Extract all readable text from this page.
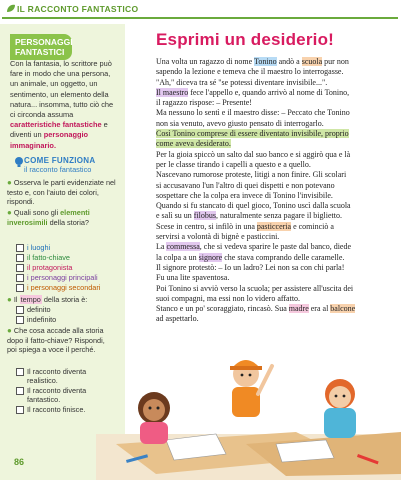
IL RACCONTO FANTASTICO
PERSONAGGI FANTASTICI

Con la fantasia, lo scrittore può fare in modo che una persona, un animale, un oggetto, un sentimento, un elemento della natura... insomma, tutto ciò che ci circonda assuma caratteristiche fantastiche e diventi un personaggio immaginario.

COME FUNZIONA
il racconto fantastico
● Osserva le parti evidenziate nel testo e, con l'aiuto dei colori, rispondi.
● Quali sono gli elementi inverosimili della storia?
i luoghi
il fatto-chiave
il protagonista
i personaggi principali
i personaggi secondari
● Il tempo della storia è:
definito
indefinito
● Che cosa accade alla storia dopo il fatto-chiave? Rispondi, poi spiega a voce il perché.
Il racconto diventa realistico.
Il racconto diventa fantastico.
Il racconto finisce.
86
Esprimi un desiderio!
Una volta un ragazzo di nome Tonino andò a scuola pur non
sapendo la lezione e temeva che il maestro lo interrogasse.
"Ah," diceva tra sé "se potessi diventare invisibile...".
Il maestro fece l'appello e, quando arrivò al nome di Tonino,
il ragazzo rispose: – Presente!
Ma nessuno lo sentì e il maestro disse: – Peccato che Tonino
non sia venuto, avevo giusto pensato di interrogarlo.
Così Tonino comprese di essere diventato invisibile, proprio
come aveva desiderato.
Per la gioia spiccò un salto dal suo banco e si aggirò qua e là
per le classe tirando i capelli a questo e a quello.
Nascevano rumorose proteste, litigi a non finire. Gli scolari
si accusavano l'un l'altro di quei dispetti e non potevano
sospettare che la colpa era invece di Tonino l'invisibile.
Quando si fu stancato di quel gioco, Tonino uscì dalla scuola
e salì su un filobus, naturalmente senza pagare il biglietto.
Scese in centro, si infilò in una pasticceria e cominciò a
servirsi a volontà di bignè e pasticcini.
La commessa, che si vedeva sparire le paste dal banco, diede
la colpa a un signore che stava comprando delle caramelle.
Il signore protestò: – Io un ladro? Lei non sa con chi parla!
Fu una lite spaventosa.
Poi Tonino si avviò verso la scuola; per assistere all'uscita dei
suoi compagni, ma essi non lo videro affatto.
Stanco e un po' scoraggiato, rincasò. Sua madre era al balcone
ad aspettarlo.
